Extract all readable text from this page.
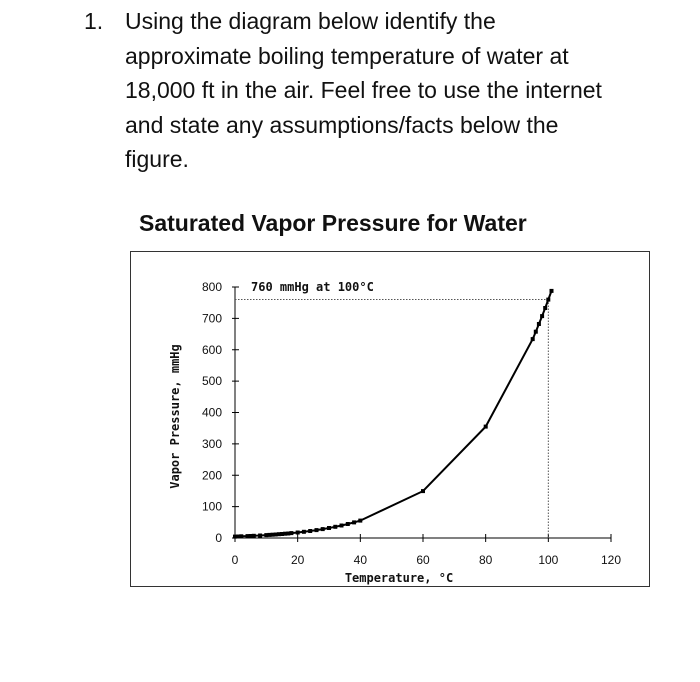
1. Using the diagram below identify the
approximate boiling temperature of water at
18,000 ft in the air. Feel free to use the internet
and state any assumptions/facts below the
figure.
Saturated Vapor Pressure for Water
0
100
200
300
400
500
600
700
800
0	20	40	60	80	100	120
760 mmHg at 100°C
Temperature, °C
Vapor Pressure, mmHg
